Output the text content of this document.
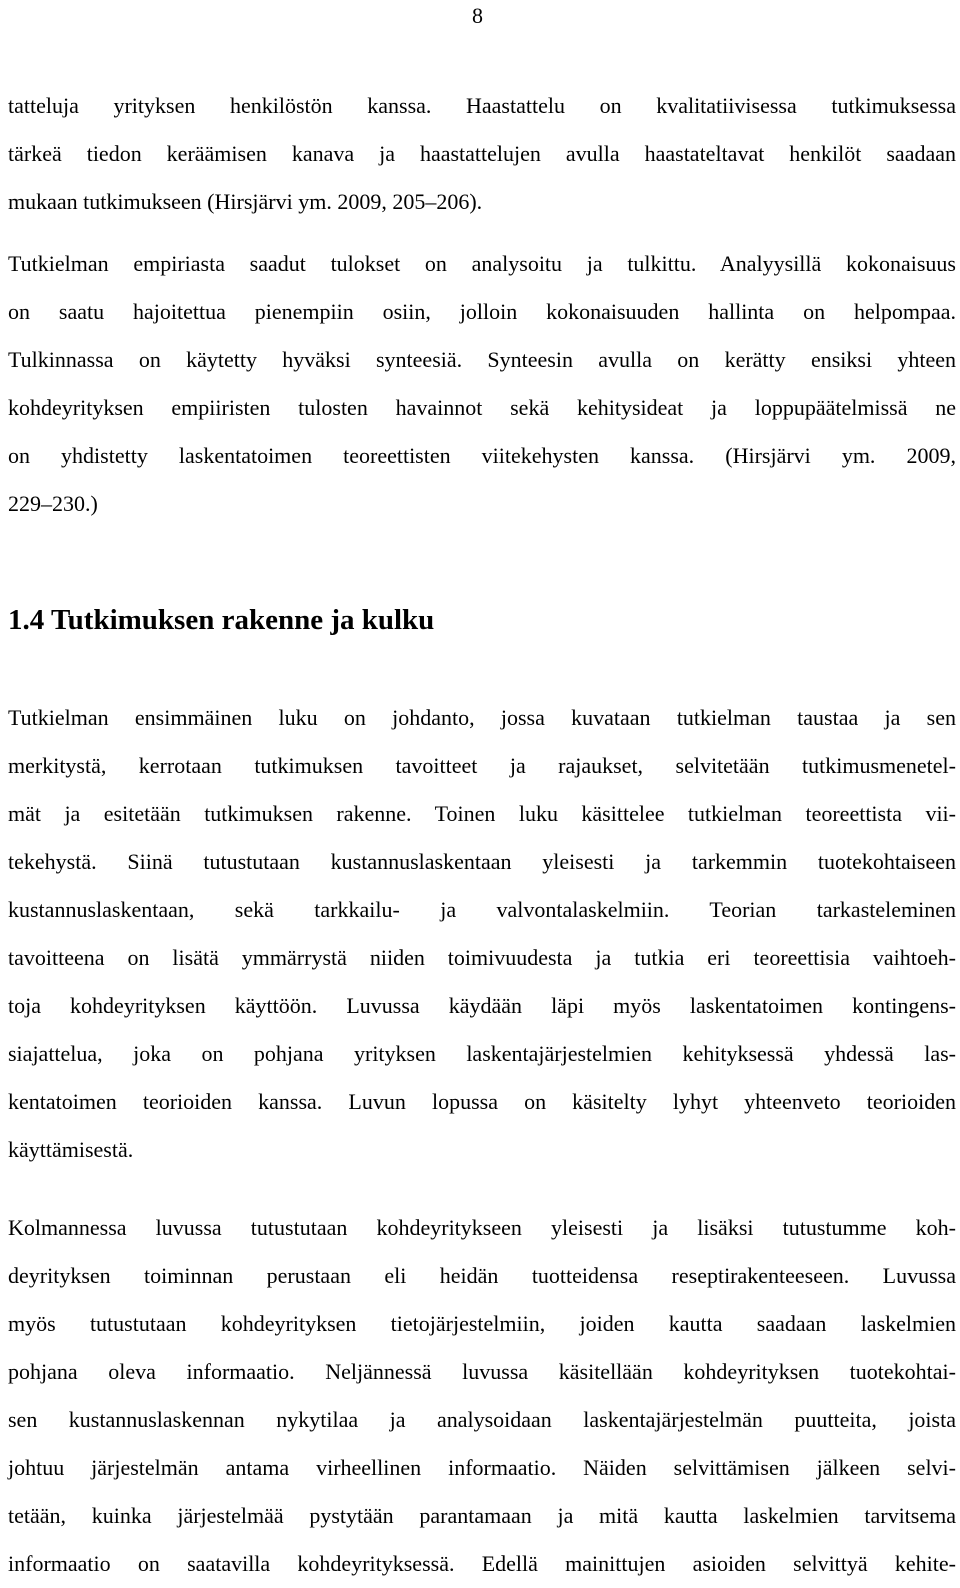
8
tatteluja yrityksen henkilöstön kanssa. Haastattelu on kvalitatiivisessa tutkimuksessa
tärkeä tiedon keräämisen kanava ja haastattelujen avulla haastateltavat henkilöt saadaan
mukaan tutkimukseen (Hirsjärvi ym. 2009, 205–206).
Tutkielman empiriasta saadut tulokset on analysoitu ja tulkittu. Analyysillä kokonaisuus
on saatu hajoitettua pienempiin osiin, jolloin kokonaisuuden hallinta on helpompaa.
Tulkinnassa on käytetty hyväksi synteesiä. Synteesin avulla on kerätty ensiksi yhteen
kohdeyrityksen empiiristen tulosten havainnot sekä kehitysideat ja loppupäätelmissä ne
on yhdistetty laskentatoimen teoreettisten viitekehysten kanssa. (Hirsjärvi ym. 2009,
229–230.)
1.4 Tutkimuksen rakenne ja kulku
Tutkielman ensimmäinen luku on johdanto, jossa kuvataan tutkielman taustaa ja sen
merkitystä, kerrotaan tutkimuksen tavoitteet ja rajaukset, selvitetään tutkimusmenetel-
mät ja esitetään tutkimuksen rakenne. Toinen luku käsittelee tutkielman teoreettista vii-
tekehystä. Siinä tutustutaan kustannuslaskentaan yleisesti ja tarkemmin tuotekohtaiseen
kustannuslaskentaan, sekä tarkkailu- ja valvontalaskelmiin. Teorian tarkasteleminen
tavoitteena on lisätä ymmärrystä niiden toimivuudesta ja tutkia eri teoreettisia vaihtoeh-
toja kohdeyrityksen käyttöön. Luvussa käydään läpi myös laskentatoimen kontingens-
siajattelua, joka on pohjana yrityksen laskentajärjestelmien kehityksessä yhdessä las-
kentatoimen teorioiden kanssa. Luvun lopussa on käsitelty lyhyt yhteenveto teorioiden
käyttämisestä.
Kolmannessa luvussa tutustutaan kohdeyritykseen yleisesti ja lisäksi tutustumme koh-
deyrityksen toiminnan perustaan eli heidän tuotteidensa reseptirakenteeseen. Luvussa
myös tutustutaan kohdeyrityksen tietojärjestelmiin, joiden kautta saadaan laskelmien
pohjana oleva informaatio. Neljännessä luvussa käsitellään kohdeyrityksen tuotekohtai-
sen kustannuslaskennan nykytilaa ja analysoidaan laskentajärjestelmän puutteita, joista
johtuu järjestelmän antama virheellinen informaatio. Näiden selvittämisen jälkeen selvi-
tetään, kuinka järjestelmää pystytään parantamaan ja mitä kautta laskelmien tarvitsema
informaatio on saatavilla kohdeyrityksessä. Edellä mainittujen asioiden selvittyä kehite-
